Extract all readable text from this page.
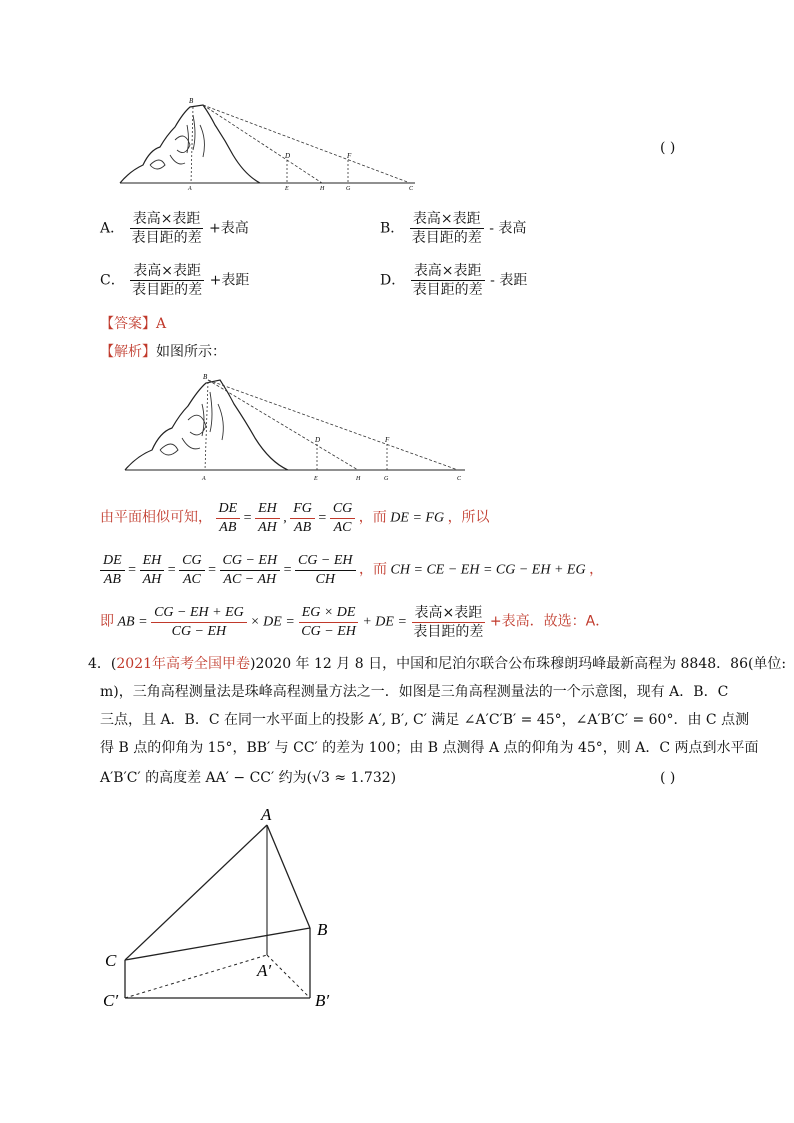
B
D	F
A	E	H	G	C
( )
A． $\frac{\text{表高×表距}}{\text{表目距的差}}$ +表高	B． $\frac{\text{表高×表距}}{\text{表目距的差}}$ - 表高
C． $\frac{\text{表高×表距}}{\text{表目距的差}}$ +表距	D． $\frac{\text{表高×表距}}{\text{表目距的差}}$ - 表距
【答案】A
【解析】如图所示：
B
D	F
A	E	H	G	C
由平面相似可知， $\frac{DE}{AB} = \frac{EH}{AH}$ , $\frac{FG}{AB} = \frac{CG}{AC}$ ，而 DE = FG ，所以
$\frac{DE}{AB} = \frac{EH}{AH} = \frac{CG}{AC} = \frac{CG - EH}{AC - AH} = \frac{CG - EH}{CH}$ ，而 CH = CE − EH = CG − EH + EG ，
即 AB = $\frac{CG - EH + EG}{CG - EH}$ × DE = $\frac{EG \times DE}{CG - EH}$ + DE = $\frac{\text{表高×表距}}{\text{表目距的差}}$ +表高．故选：A．
4．(2021年高考全国甲卷)2020 年 12 月 8 日，中国和尼泊尔联合公布珠穆朗玛峰最新高程为 8848．86(单位:
m)，三角高程测量法是珠峰高程测量方法之一．如图是三角高程测量法的一个示意图，现有 A．B．C
三点，且 A．B．C 在同一水平面上的投影 A′, B′, C′ 满足 ∠A′C′B′ = 45°，∠A′B′C′ = 60°．由 C 点测
得 B 点的仰角为 15°，BB′ 与 CC′ 的差为 100；由 B 点测得 A 点的仰角为 45°，则 A．C 两点到水平面
A′B′C′ 的高度差 AA′ − CC′ 约为(√3 ≈ 1.732)	( )
A
B
C
A′
B′
C′
